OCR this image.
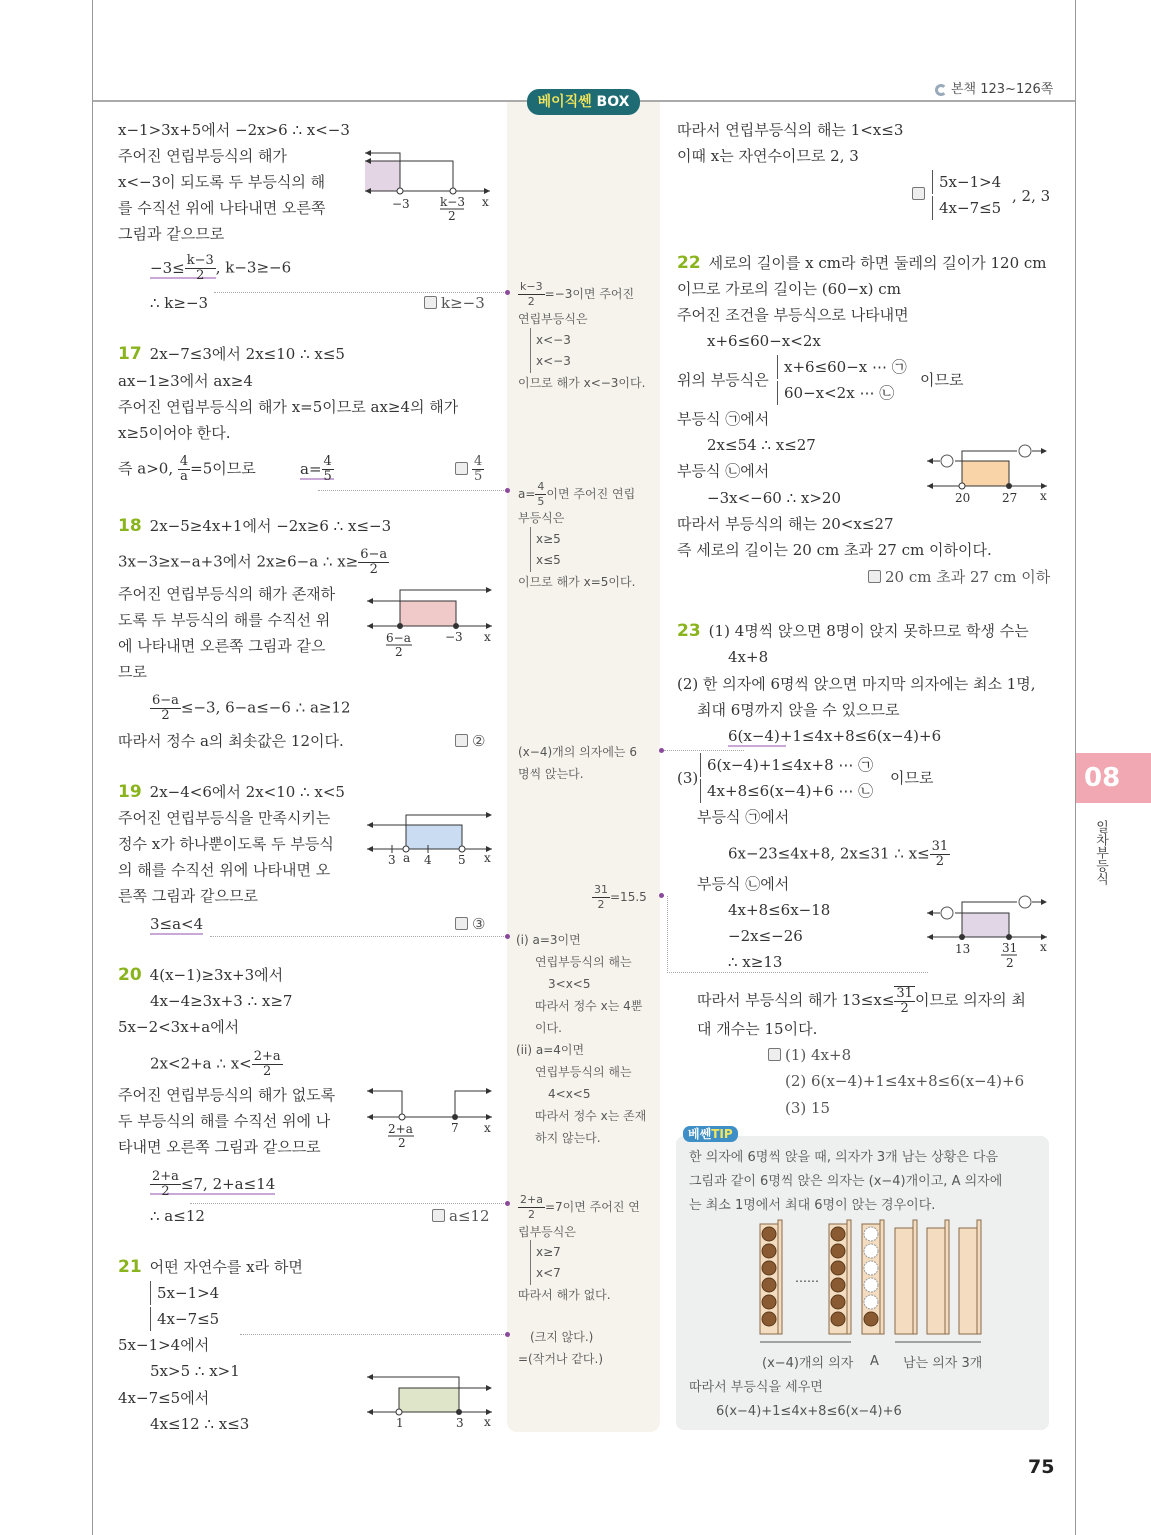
본책 123~126쪽
베이직쎈 BOX
08
일차부등식
75
x−1>3x+5에서 −2x>6 ∴ x<−3
주어진 연립부등식의 해가
x<−3이 되도록 두 부등식의 해
를 수직선 위에 나타내면 오른쪽
그림과 같으므로
$-3\le \frac{k-3}{2}$ , k−3≥−6
∴ k≥−3	k≥−3
−3	k−3
2
x
17 2x−7≤3에서 2x≤10 ∴ x≤5
ax−1≥3에서 ax≥4
주어진 연립부등식의 해가 x=5이므로 ax≥4의 해가
x≥5이어야 한다.
즉 a>0, $\frac{4}{a} =5$이므로	$a= \frac{4}{5}$	$\frac{4}{5}$
18 2x−5≥4x+1에서 −2x≥6 ∴ x≤−3
3x−3≥x−a+3에서 2x≥6−a ∴ $x\ge \frac{6-a}{2}$
주어진 연립부등식의 해가 존재하
도록 두 부등식의 해를 수직선 위
에 나타내면 오른쪽 그림과 같으
므로
$\frac{6-a}{2} \le-3$, 6−a≤−6 ∴ a≥12
따라서 정수 a의 최솟값은 12이다.	②
6−a
2
−3 x
19 2x−4<6에서 2x<10 ∴ x<5
주어진 연립부등식을 만족시키는
정수 x가 하나뿐이도록 두 부등식
의 해를 수직선 위에 나타내면 오
른쪽 그림과 같으므로
3≤a<4	③
3 a 4 5 x
20 4(x−1)≥3x+3에서
4x−4≥3x+3 ∴ x≥7
5x−2<3x+a에서
2x<2+a ∴ $x< \frac{2+a}{2}$
주어진 연립부등식의 해가 없도록
두 부등식의 해를 수직선 위에 나
타내면 오른쪽 그림과 같으므로
$\frac{2+a}{2} \le 7$, 2+a≤14
∴ a≤12	a≤12
2+a
2
7 x
21 어떤 자연수를 x라 하면
5x−1>4
4x−7≤5
5x−1>4에서
5x>5 ∴ x>1
4x−7≤5에서
4x≤12 ∴ x≤3	1	3 x
$\frac{k-3}{2} =-3$이면 주어진
연립부등식은
x<−3
x<−3
이므로 해가 x<−3이다.
$a= \frac{4}{5}$ 이면 주어진 연립
부등식은
x≥5
x≤5
이므로 해가 x=5이다.
(x−4)개의 의자에는 6
명씩 앉는다.
$\frac{31}{2} =15.5$
(i) a=3이면
연립부등식의 해는
3<x<5
따라서 정수 x는 4뿐
이다.
(ii) a=4이면
연립부등식의 해는
4<x<5
따라서 정수 x는 존재
하지 않는다.
$\frac{2+a}{2} =7$이면 주어진 연
립부등식은
x≥7
x<7
따라서 해가 없다.
(크지 않다.)
=(작거나 같다.)
따라서 연립부등식의 해는 1<x≤3
이때 x는 자연수이므로 2, 3
5x−1>4
4x−7≤5
, 2, 3
22 세로의 길이를 x cm라 하면 둘레의 길이가 120 cm
이므로 가로의 길이는 (60−x) cm
주어진 조건을 부등식으로 나타내면
x+6≤60−x<2x
위의 부등식은
x+6≤60−x ⋯ ㉠
60−x<2x ⋯ ㉡
이므로
부등식 ㉠에서
2x≤54 ∴ x≤27
부등식 ㉡에서
−3x<−60 ∴ x>20
따라서 부등식의 해는 20<x≤27
즉 세로의 길이는 20 cm 초과 27 cm 이하이다.
20 cm 초과 27 cm 이하
20	27 x
23 (1) 4명씩 앉으면 8명이 앉지 못하므로 학생 수는
4x+8
(2) 한 의자에 6명씩 앉으면 마지막 의자에는 최소 1명,
최대 6명까지 앉을 수 있으므로
6(x−4)+1≤4x+8≤6(x−4)+6
(3)
6(x−4)+1≤4x+8 ⋯ ㉠
4x+8≤6(x−4)+6 ⋯ ㉡
이므로
부등식 ㉠에서
6x−23≤4x+8, 2x≤31 ∴ $x\le \frac{31}{2}$
부등식 ㉡에서
4x+8≤6x−18
−2x≤−26
∴ x≥13
따라서 부등식의 해가 $13\le x\le \frac{31}{2}$ 이므로 의자의 최
대 개수는 15이다.
(1) 4x+8
(2) 6(x−4)+1≤4x+8≤6(x−4)+6
(3) 15
13	31
2
x
베쎈TIP
한 의자에 6명씩 앉을 때, 의자가 3개 남는 상황은 다음
그림과 같이 6명씩 앉은 의자는 (x−4)개이고, A 의자에
는 최소 1명에서 최대 6명이 앉는 경우이다.
……
(x−4)개의 의자 A 남는 의자 3개
따라서 부등식을 세우면
6(x−4)+1≤4x+8≤6(x−4)+6
